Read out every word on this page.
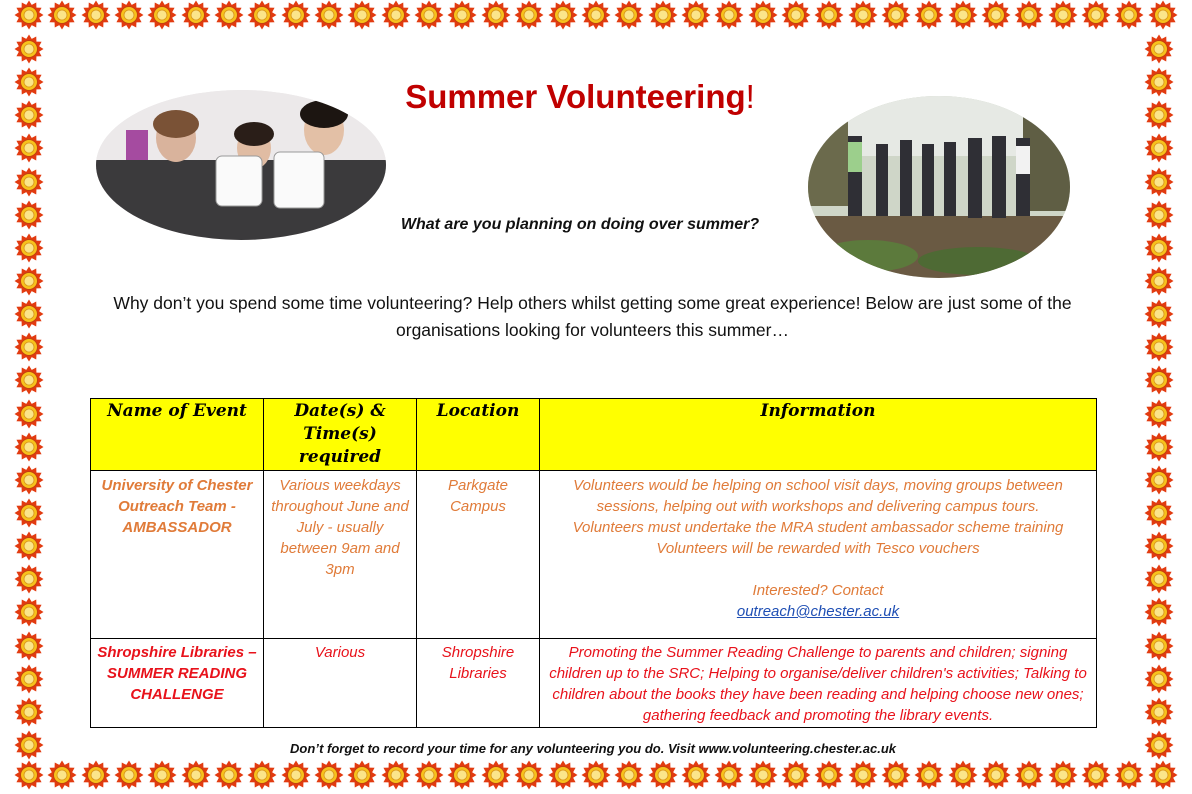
Summer Volunteering!
What are you planning on doing over summer?
Why don’t you spend some time volunteering? Help others whilst getting some great experience! Below are just some of the organisations looking for volunteers this summer…
Name of Event	Date(s) & Time(s) required	Location	Information
University of Chester Outreach Team - AMBASSADOR	Various weekdays throughout June and July - usually between 9am and 3pm	Parkgate Campus	Volunteers would be helping on school visit days, moving groups between sessions, helping out with workshops and delivering campus tours.
Volunteers must undertake the MRA student ambassador scheme training
Volunteers will be rewarded with Tesco vouchers
Interested? Contact
outreach@chester.ac.uk

Shropshire Libraries – SUMMER READING CHALLENGE	Various	Shropshire Libraries	Promoting the Summer Reading Challenge to parents and children; signing children up to the SRC; Helping to organise/deliver children's activities; Talking to children about the books they have been reading and helping choose new ones; gathering feedback and promoting the library events.
Don’t forget to record your time for any volunteering you do. Visit www.volunteering.chester.ac.uk
